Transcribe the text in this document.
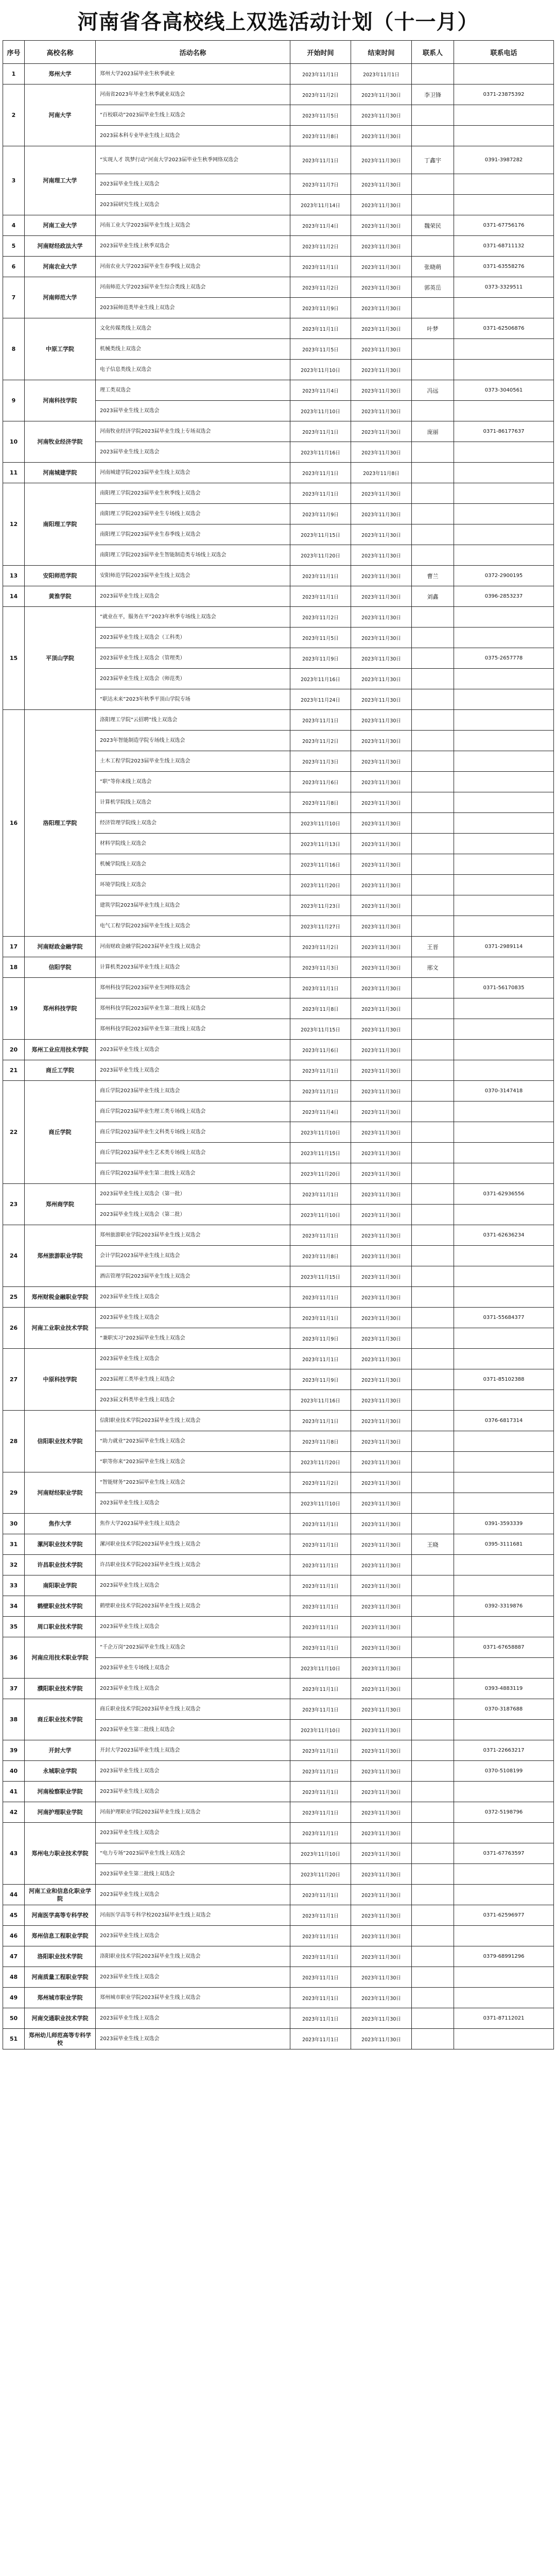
河南省各高校线上双选活动计划（十一月）
序号	高校名称	活动名称	开始时间	结束时间	联系人	联系电话
1	郑州大学	郑州大学2023届毕业生秋季就业	2023年11月1日	2023年11月1日		
2	河南大学	河南省2023年毕业生秋季就业双选会	2023年11月2日	2023年11月30日	李卫锋	0371-23875392
		“百校联动”2023届毕业生线上双选会	2023年11月5日	2023年11月30日		
		2023届本科专业毕业生线上双选会	2023年11月8日	2023年11月30日		
3	河南理工大学	“实现人才 筑梦行动”河南大学2023届毕业生秋季网络双选会	2023年11月1日	2023年11月30日	丁鑫宇	0391-3987282
		2023届毕业生线上双选会	2023年11月7日	2023年11月30日		
		2023届研究生线上双选会	2023年11月14日	2023年11月30日		
4	河南工业大学	河南工业大学2023届毕业生线上双选会	2023年11月4日	2023年11月30日	魏荣民	0371-67756176
5	河南财经政法大学	2023届毕业生线上秋季双选会	2023年11月2日	2023年11月30日		0371-68711132
6	河南农业大学	河南农业大学2023届毕业生春季线上双选会	2023年11月1日	2023年11月30日	张晓萌	0371-63558276
7	河南师范大学	河南师范大学2023届毕业生综合类线上双选会	2023年11月2日	2023年11月30日	郭英岳	0373-3329511
		2023届师范类毕业生线上双选会	2023年11月9日	2023年11月30日		
8	中原工学院	文化传媒类线上双选会	2023年11月1日	2023年11月30日	叶梦	0371-62506876
		机械类线上双选会	2023年11月5日	2023年11月30日		
		电子信息类线上双选会	2023年11月10日	2023年11月30日		
9	河南科技学院	理工类双选会	2023年11月4日	2023年11月30日	冯远	0373-3040561
		2023届毕业生线上双选会	2023年11月10日	2023年11月30日		
10	河南牧业经济学院	河南牧业经济学院2023届毕业生线上专场双选会	2023年11月1日	2023年11月30日	庞丽	0371-86177637
		2023届毕业生线上双选会	2023年11月16日	2023年11月30日		
11	河南城建学院	河南城建学院2023届毕业生线上双选会	2023年11月1日	2023年11月8日		
12	南阳理工学院	南阳理工学院2023届毕业生秋季线上双选会	2023年11月1日	2023年11月30日		
		南阳理工学院2023届毕业生专场线上双选会	2023年11月9日	2023年11月30日		
		南阳理工学院2023届毕业生春季线上双选会	2023年11月15日	2023年11月30日		
		南阳理工学院2023届毕业生智能制造类专场线上双选会	2023年11月20日	2023年11月30日		
13	安阳师范学院	安阳师范学院2023届毕业生线上双选会	2023年11月1日	2023年11月30日	曹兰	0372-2900195
14	黄淮学院	2023届毕业生线上双选会	2023年11月1日	2023年11月30日	刘鑫	0396-2853237
15	平顶山学院	“就业在平，服务在平”2023年秋季专场线上双选会	2023年11月2日	2023年11月30日		
		2023届毕业生线上双选会（工科类）	2023年11月5日	2023年11月30日		
		2023届毕业生线上双选会（管理类）	2023年11月9日	2023年11月30日		0375-2657778
		2023届毕业生线上双选会（师范类）	2023年11月16日	2023年11月30日		
		“职达未来”2023年秋季平顶山学院专场	2023年11月24日	2023年11月30日		
16	洛阳理工学院	洛阳理工学院“云招聘”线上双选会	2023年11月1日	2023年11月30日		
		2023年智能制造学院专场线上双选会	2023年11月2日	2023年11月30日		
		土木工程学院2023届毕业生线上双选会	2023年11月3日	2023年11月30日		
		“职”等你来线上双选会	2023年11月6日	2023年11月30日		
		计算机学院线上双选会	2023年11月8日	2023年11月30日		
		经济管理学院线上双选会	2023年11月10日	2023年11月30日		
		材料学院线上双选会	2023年11月13日	2023年11月30日		
		机械学院线上双选会	2023年11月16日	2023年11月30日		
		环境学院线上双选会	2023年11月20日	2023年11月30日		
		建筑学院2023届毕业生线上双选会	2023年11月23日	2023年11月30日		
		电气工程学院2023届毕业生线上双选会	2023年11月27日	2023年11月30日		
17	河南财政金融学院	河南财政金融学院2023届毕业生线上双选会	2023年11月2日	2023年11月30日	王晋	0371-2989114
18	信阳学院	计算机类2023届毕业生线上双选会	2023年11月3日	2023年11月30日	邢文	
19	郑州科技学院	郑州科技学院2023届毕业生网络双选会	2023年11月1日	2023年11月30日		0371-56170835
		郑州科技学院2023届毕业生第二批线上双选会	2023年11月8日	2023年11月30日		
		郑州科技学院2023届毕业生第三批线上双选会	2023年11月15日	2023年11月30日		
20	郑州工业应用技术学院	2023届毕业生线上双选会	2023年11月6日	2023年11月30日		
21	商丘工学院	2023届毕业生线上双选会	2023年11月1日	2023年11月30日		
22	商丘学院	商丘学院2023届毕业生线上双选会	2023年11月1日	2023年11月30日		0370-3147418
		商丘学院2023届毕业生理工类专场线上双选会	2023年11月4日	2023年11月30日		
		商丘学院2023届毕业生文科类专场线上双选会	2023年11月10日	2023年11月30日		
		商丘学院2023届毕业生艺术类专场线上双选会	2023年11月15日	2023年11月30日		
		商丘学院2023届毕业生第二批线上双选会	2023年11月20日	2023年11月30日		
23	郑州商学院	2023届毕业生线上双选会（第一批）	2023年11月1日	2023年11月30日		0371-62936556
		2023届毕业生线上双选会（第二批）	2023年11月10日	2023年11月30日		
24	郑州旅游职业学院	郑州旅游职业学院2023届毕业生线上双选会	2023年11月1日	2023年11月30日		0371-62636234
		会计学院2023届毕业生线上双选会	2023年11月8日	2023年11月30日		
		酒店管理学院2023届毕业生线上双选会	2023年11月15日	2023年11月30日		
25	郑州财税金融职业学院	2023届毕业生线上双选会	2023年11月1日	2023年11月30日		
26	河南工业职业技术学院	2023届毕业生线上双选会	2023年11月1日	2023年11月30日		0371-55684377
		“兼职实习”2023届毕业生线上双选会	2023年11月9日	2023年11月30日		
27	中原科技学院	2023届毕业生线上双选会	2023年11月1日	2023年11月30日		
		2023届理工类毕业生线上双选会	2023年11月9日	2023年11月30日		0371-85102388
		2023届文科类毕业生线上双选会	2023年11月16日	2023年11月30日		
28	信阳职业技术学院	信阳职业技术学院2023届毕业生线上双选会	2023年11月1日	2023年11月30日		0376-6817314
		“助力就业”2023届毕业生线上双选会	2023年11月8日	2023年11月30日		
		“职等你来”2023届毕业生线上双选会	2023年11月20日	2023年11月30日		
29	河南财经职业学院	“智能财务”2023届毕业生线上双选会	2023年11月2日	2023年11月30日		
		2023届毕业生线上双选会	2023年11月10日	2023年11月30日		
30	焦作大学	焦作大学2023届毕业生线上双选会	2023年11月1日	2023年11月30日		0391-3593339
31	漯河职业技术学院	漯河职业技术学院2023届毕业生线上双选会	2023年11月1日	2023年11月30日	王晓	0395-3111681
32	许昌职业技术学院	许昌职业技术学院2023届毕业生线上双选会	2023年11月1日	2023年11月30日		
33	南阳职业学院	2023届毕业生线上双选会	2023年11月1日	2023年11月30日		
34	鹤壁职业技术学院	鹤壁职业技术学院2023届毕业生线上双选会	2023年11月1日	2023年11月30日		0392-3319876
35	周口职业技术学院	2023届毕业生线上双选会	2023年11月1日	2023年11月30日		
36	河南应用技术职业学院	“千企万岗”2023届毕业生线上双选会	2023年11月1日	2023年11月30日		0371-67658887
		2023届毕业生专场线上双选会	2023年11月10日	2023年11月30日		
37	濮阳职业技术学院	2023届毕业生线上双选会	2023年11月1日	2023年11月30日		0393-4883119
38	商丘职业技术学院	商丘职业技术学院2023届毕业生线上双选会	2023年11月1日	2023年11月30日		0370-3187688
		2023届毕业生第二批线上双选会	2023年11月10日	2023年11月30日		
39	开封大学	开封大学2023届毕业生线上双选会	2023年11月1日	2023年11月30日		0371-22663217
40	永城职业学院	2023届毕业生线上双选会	2023年11月1日	2023年11月30日		0370-5108199
41	河南检察职业学院	2023届毕业生线上双选会	2023年11月1日	2023年11月30日		
42	河南护理职业学院	河南护理职业学院2023届毕业生线上双选会	2023年11月1日	2023年11月30日		0372-5198796
43	郑州电力职业技术学院	2023届毕业生线上双选会	2023年11月1日	2023年11月30日		
		“电力专场”2023届毕业生线上双选会	2023年11月10日	2023年11月30日		0371-67763597
		2023届毕业生第二批线上双选会	2023年11月20日	2023年11月30日		
44	河南工业和信息化职业学院	2023届毕业生线上双选会	2023年11月1日	2023年11月30日		
45	河南医学高等专科学校	河南医学高等专科学校2023届毕业生线上双选会	2023年11月1日	2023年11月30日		0371-62596977
46	郑州信息工程职业学院	2023届毕业生线上双选会	2023年11月1日	2023年11月30日		
47	洛阳职业技术学院	洛阳职业技术学院2023届毕业生线上双选会	2023年11月1日	2023年11月30日		0379-68991296
48	河南质量工程职业学院	2023届毕业生线上双选会	2023年11月1日	2023年11月30日		
49	郑州城市职业学院	郑州城市职业学院2023届毕业生线上双选会	2023年11月1日	2023年11月30日		
50	河南交通职业技术学院	2023届毕业生线上双选会	2023年11月1日	2023年11月30日		0371-87112021
51	郑州幼儿师范高等专科学校	2023届毕业生线上双选会	2023年11月1日	2023年11月30日		
